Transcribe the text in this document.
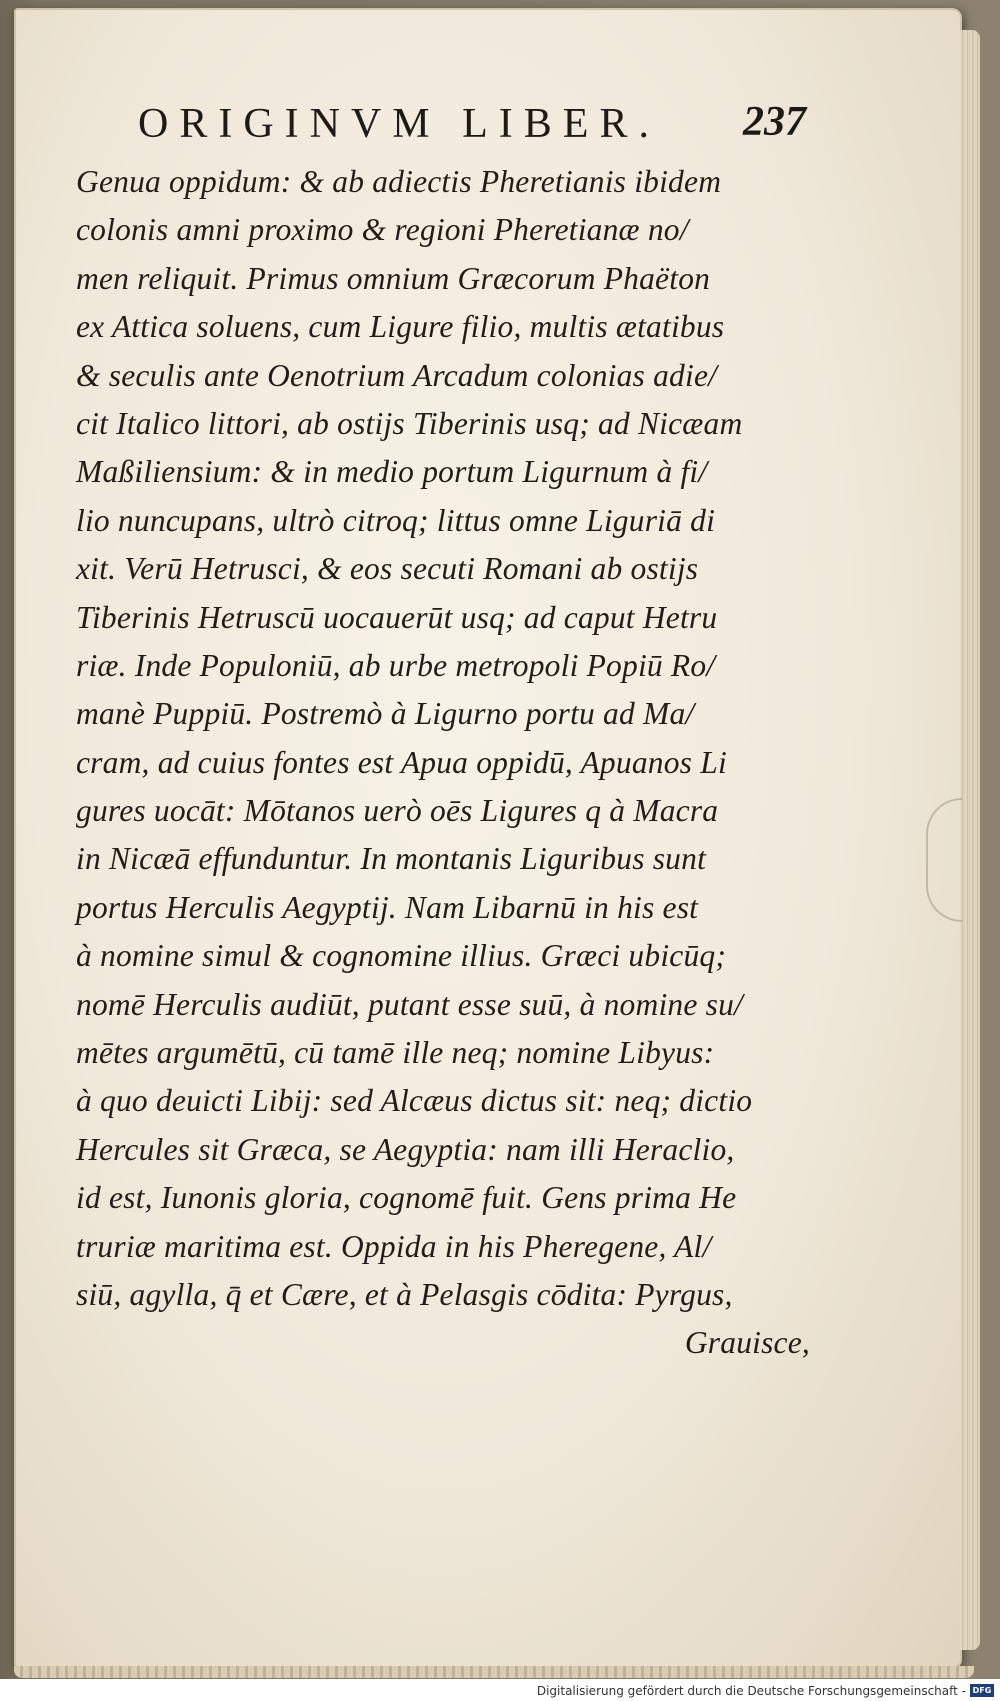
ORIGINVM LIBER. 237
Genua oppidum: & ab adiectis Pheretianis ibidem
colonis amni proximo & regioni Pheretianæ no/
men reliquit. Primus omnium Græcorum Phaëton
ex Attica soluens, cum Ligure filio, multis ætatibus
& seculis ante Oenotrium Arcadum colonias adie/
cit Italico littori, ab ostijs Tiberinis usq; ad Nicæam
Maßiliensium: & in medio portum Ligurnum à fi/
lio nuncupans, ultrò citroq; littus omne Liguriā di
xit. Verū Hetrusci, & eos secuti Romani ab ostijs
Tiberinis Hetruscū uocauerūt usq; ad caput Hetru
riæ. Inde Populoniū, ab urbe metropoli Popiū Ro/
manè Puppiū. Postremò à Ligurno portu ad Ma/
cram, ad cuius fontes est Apua oppidū, Apuanos Li
gures uocāt: Mōtanos uerò oēs Ligures q à Macra
in Nicæā effunduntur. In montanis Liguribus sunt
portus Herculis Aegyptij. Nam Libarnū in his est
à nomine simul & cognomine illius. Græci ubicūq;
nomē Herculis audiūt, putant esse suū, à nomine su/
mētes argumētū, cū tamē ille neq; nomine Libyus:
à quo deuicti Libij: sed Alcæus dictus sit: neq; dictio
Hercules sit Græca, se Aegyptia: nam illi Heraclio,
id est, Iunonis gloria, cognomē fuit. Gens prima He
truriæ maritima est. Oppida in his Pheregene, Al/
siū, agylla, q̄ et Cære, et à Pelasgis cōdita: Pyrgus,
Grauisce,
Digitalisierung gefördert durch die Deutsche Forschungsgemeinschaft - DFG
